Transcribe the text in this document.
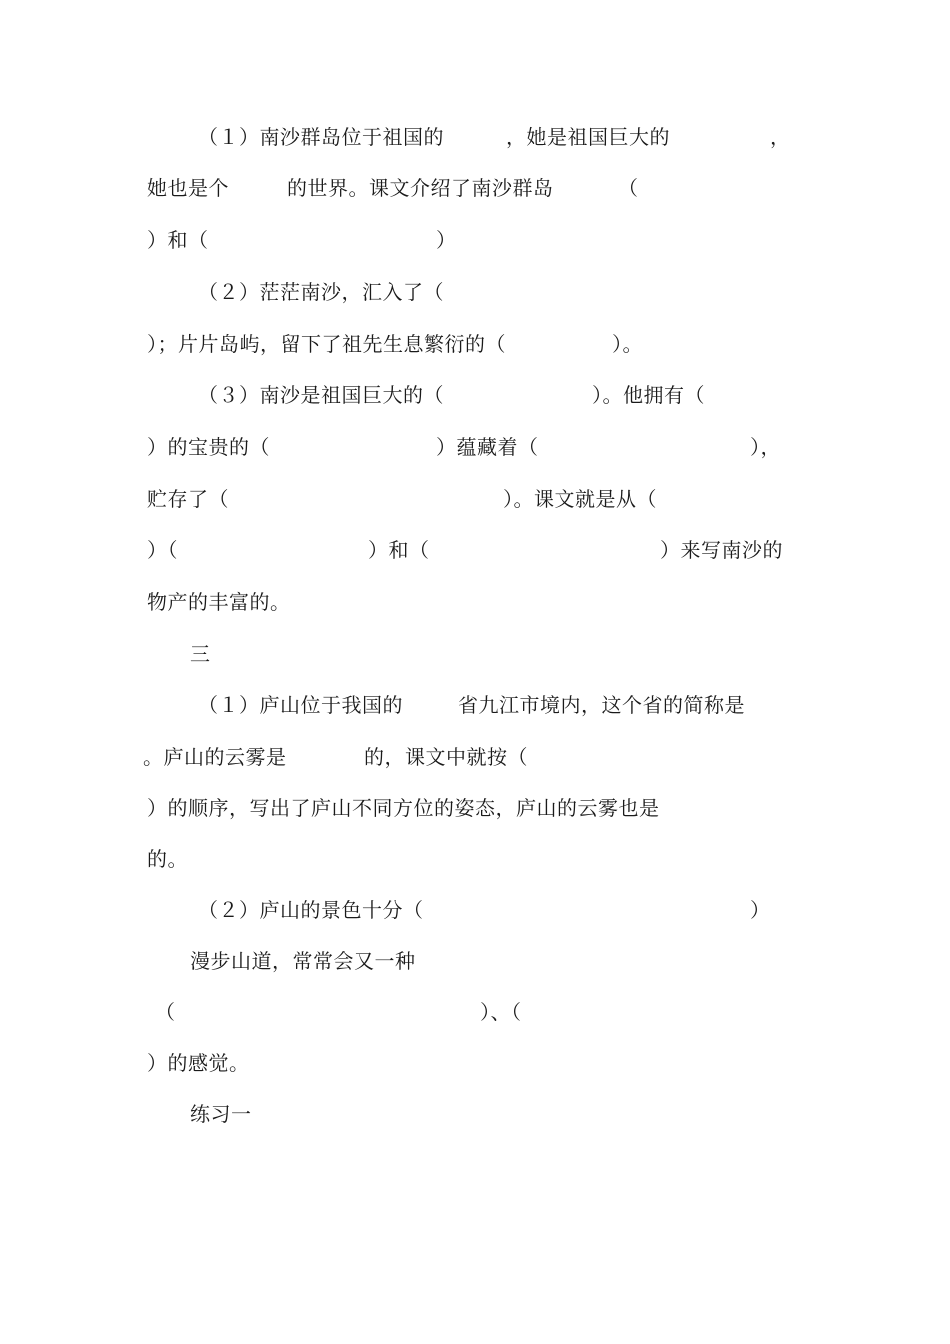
（１）南沙群岛位于祖国的	，她是祖国巨大的	，
她也是个	的世界。课文介绍了南沙群岛	（
）和（	）
（２）茫茫南沙，汇入了（
）；片片岛屿，留下了祖先生息繁衍的（	）。
（３）南沙是祖国巨大的（	）。他拥有（
）的宝贵的（	）蕴藏着（	），
贮存了（	）。课文就是从（
）（	）和（	）来写南沙的
物产的丰富的。
三
（１）庐山位于我国的	省九江市境内，这个省的简称是
。庐山的云雾是	的，课文中就按（
）的顺序，写出了庐山不同方位的姿态，庐山的云雾也是
的。
（２）庐山的景色十分（	）
漫步山道，常常会又一种
（	）、（
）的感觉。
练习一
